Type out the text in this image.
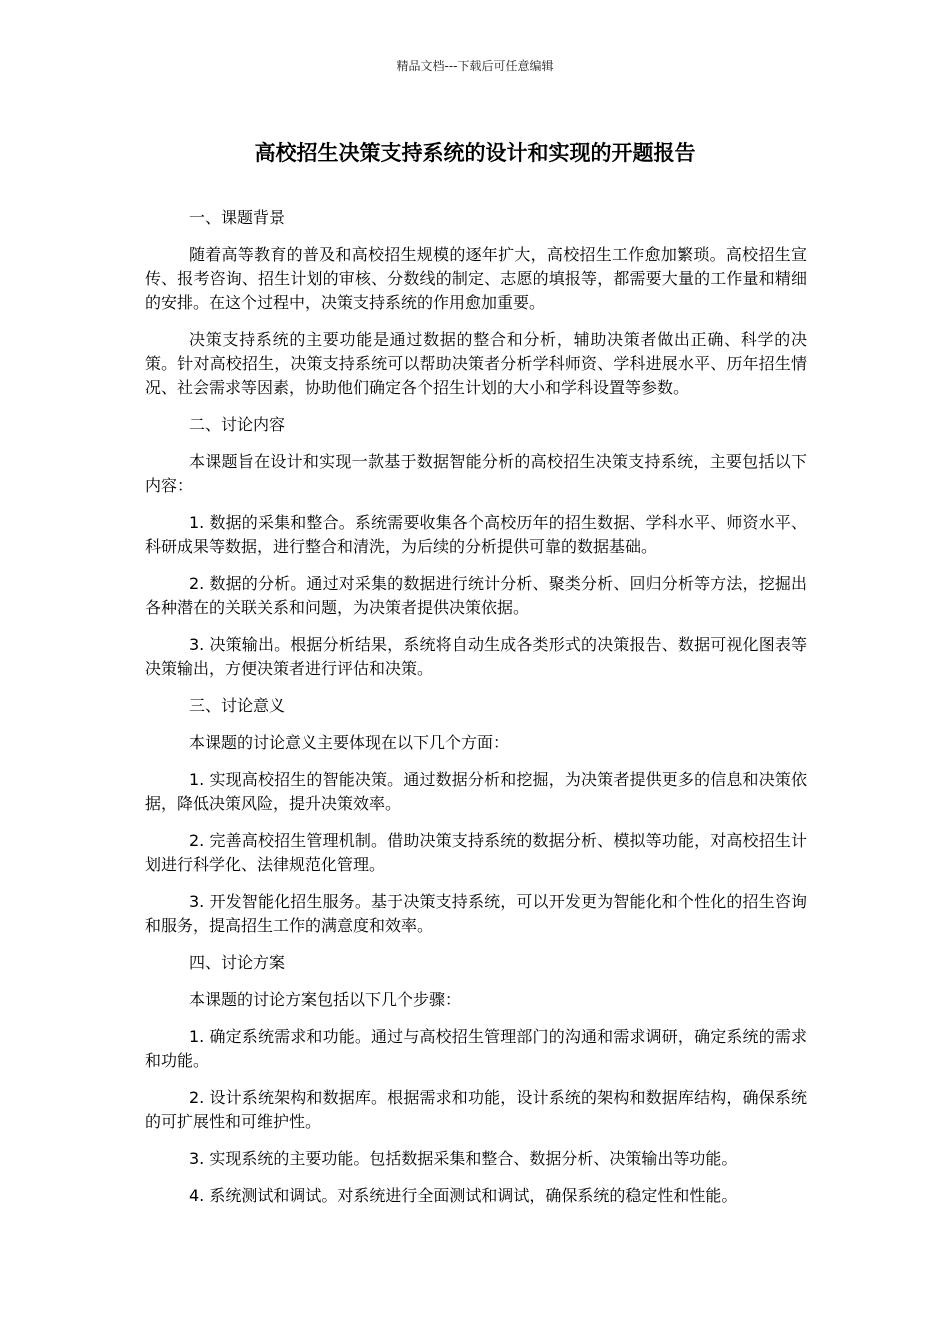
精品文档---下载后可任意编辑
高校招生决策支持系统的设计和实现的开题报告

一、课题背景

随着高等教育的普及和高校招生规模的逐年扩大，高校招生工作愈加繁琐。高校招生宣传、报考咨询、招生计划的审核、分数线的制定、志愿的填报等，都需要大量的工作量和精细的安排。在这个过程中，决策支持系统的作用愈加重要。

决策支持系统的主要功能是通过数据的整合和分析，辅助决策者做出正确、科学的决策。针对高校招生，决策支持系统可以帮助决策者分析学科师资、学科进展水平、历年招生情况、社会需求等因素，协助他们确定各个招生计划的大小和学科设置等参数。

二、讨论内容

本课题旨在设计和实现一款基于数据智能分析的高校招生决策支持系统，主要包括以下内容：

1. 数据的采集和整合。系统需要收集各个高校历年的招生数据、学科水平、师资水平、科研成果等数据，进行整合和清洗，为后续的分析提供可靠的数据基础。

2. 数据的分析。通过对采集的数据进行统计分析、聚类分析、回归分析等方法，挖掘出各种潜在的关联关系和问题，为决策者提供决策依据。

3. 决策输出。根据分析结果，系统将自动生成各类形式的决策报告、数据可视化图表等决策输出，方便决策者进行评估和决策。

三、讨论意义

本课题的讨论意义主要体现在以下几个方面：

1. 实现高校招生的智能决策。通过数据分析和挖掘，为决策者提供更多的信息和决策依据，降低决策风险，提升决策效率。

2. 完善高校招生管理机制。借助决策支持系统的数据分析、模拟等功能，对高校招生计划进行科学化、法律规范化管理。

3. 开发智能化招生服务。基于决策支持系统，可以开发更为智能化和个性化的招生咨询和服务，提高招生工作的满意度和效率。

四、讨论方案

本课题的讨论方案包括以下几个步骤：

1. 确定系统需求和功能。通过与高校招生管理部门的沟通和需求调研，确定系统的需求和功能。

2. 设计系统架构和数据库。根据需求和功能，设计系统的架构和数据库结构，确保系统的可扩展性和可维护性。

3. 实现系统的主要功能。包括数据采集和整合、数据分析、决策输出等功能。

4. 系统测试和调试。对系统进行全面测试和调试，确保系统的稳定性和性能。
